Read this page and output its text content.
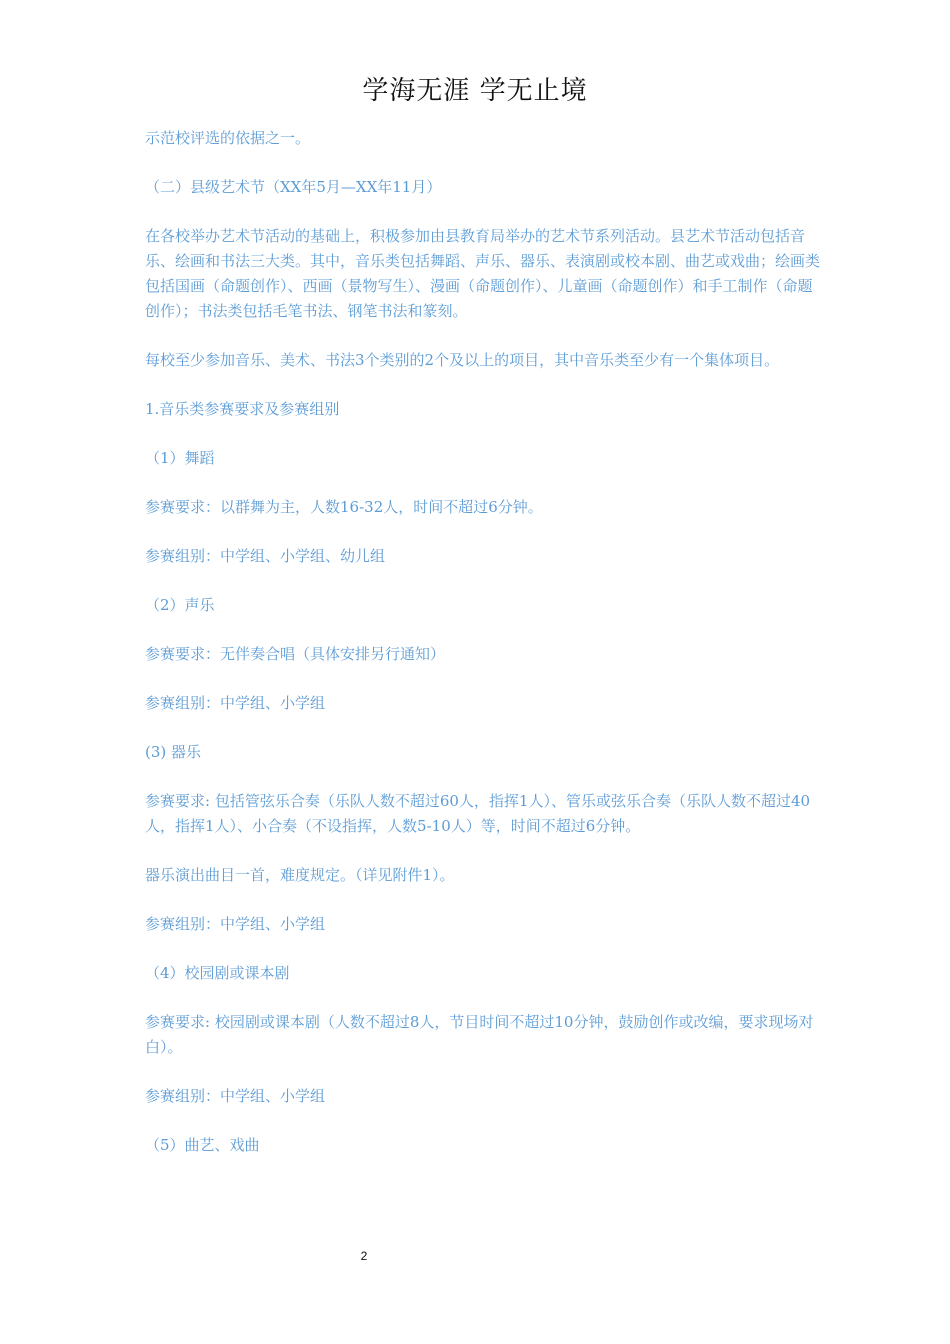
学海无涯 学无止境

示范校评选的依据之一。

（二）县级艺术节（XX年5月—XX年11月）

在各校举办艺术节活动的基础上，积极参加由县教育局举办的艺术节系列活动。县艺术节活动包括音乐、绘画和书法三大类。其中，音乐类包括舞蹈、声乐、器乐、表演剧或校本剧、曲艺或戏曲；绘画类包括国画（命题创作）、西画（景物写生）、漫画（命题创作）、儿童画（命题创作）和手工制作（命题创作）；书法类包括毛笔书法、钢笔书法和篆刻。

每校至少参加音乐、美术、书法3个类别的2个及以上的项目，其中音乐类至少有一个集体项目。

1.音乐类参赛要求及参赛组别

（1）舞蹈

参赛要求：以群舞为主，人数16-32人，时间不超过6分钟。

参赛组别：中学组、小学组、幼儿组

（2）声乐

参赛要求：无伴奏合唱（具体安排另行通知）

参赛组别：中学组、小学组

(3) 器乐

参赛要求: 包括管弦乐合奏（乐队人数不超过60人，指挥1人）、管乐或弦乐合奏（乐队人数不超过40人，指挥1人）、小合奏（不设指挥，人数5-10人）等，时间不超过6分钟。

器乐演出曲目一首，难度规定。（详见附件1）。

参赛组别：中学组、小学组

（4）校园剧或课本剧

参赛要求: 校园剧或课本剧（人数不超过8人，节目时间不超过10分钟，鼓励创作或改编，要求现场对白）。

参赛组别：中学组、小学组

（5）曲艺、戏曲

2
